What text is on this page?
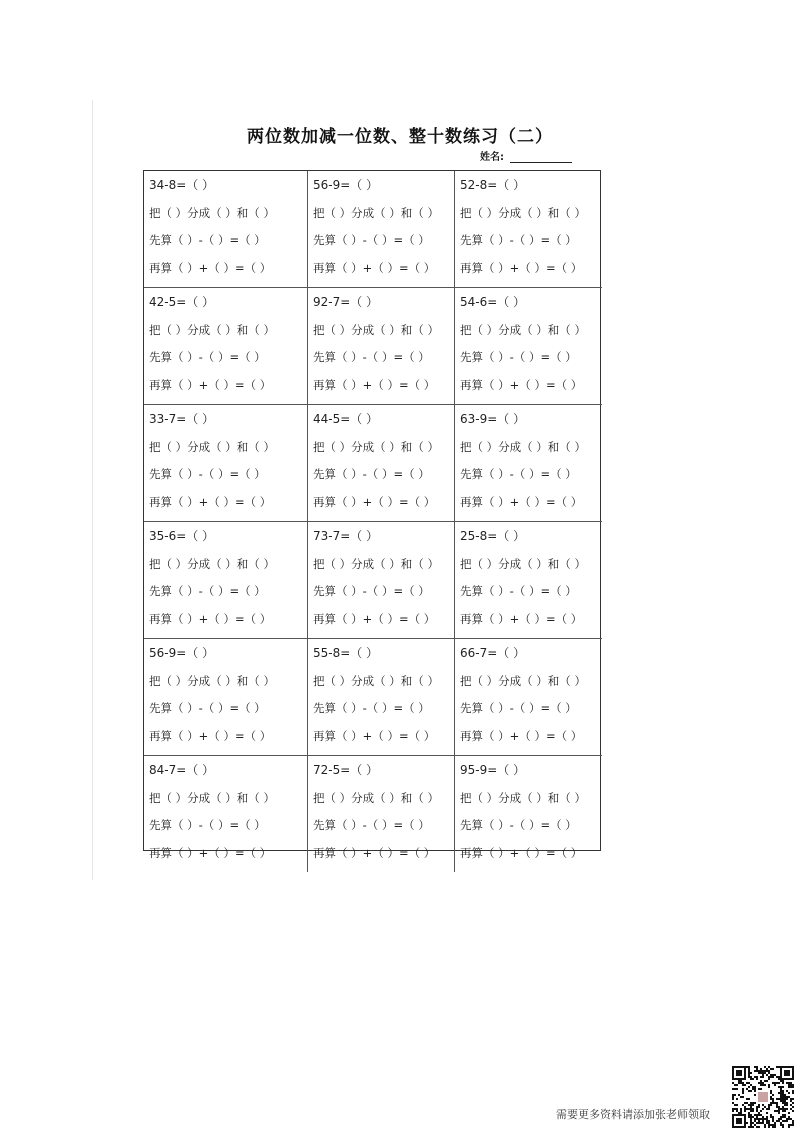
两位数加减一位数、整十数练习（二）
姓名:
34-8=（ ）
把（ ）分成（ ）和（ ）
先算（ ）-（ ）=（ ）
再算（ ）+（ ）=（ ）
56-9=（ ）
把（ ）分成（ ）和（ ）
先算（ ）-（ ）=（ ）
再算（ ）+（ ）=（ ）
52-8=（ ）
把（ ）分成（ ）和（ ）
先算（ ）-（ ）=（ ）
再算（ ）+（ ）=（ ）
42-5=（ ）
把（ ）分成（ ）和（ ）
先算（ ）-（ ）=（ ）
再算（ ）+（ ）=（ ）
92-7=（ ）
把（ ）分成（ ）和（ ）
先算（ ）-（ ）=（ ）
再算（ ）+（ ）=（ ）
54-6=（ ）
把（ ）分成（ ）和（ ）
先算（ ）-（ ）=（ ）
再算（ ）+（ ）=（ ）
33-7=（ ）
把（ ）分成（ ）和（ ）
先算（ ）-（ ）=（ ）
再算（ ）+（ ）=（ ）
44-5=（ ）
把（ ）分成（ ）和（ ）
先算（ ）-（ ）=（ ）
再算（ ）+（ ）=（ ）
63-9=（ ）
把（ ）分成（ ）和（ ）
先算（ ）-（ ）=（ ）
再算（ ）+（ ）=（ ）
35-6=（ ）
把（ ）分成（ ）和（ ）
先算（ ）-（ ）=（ ）
再算（ ）+（ ）=（ ）
73-7=（ ）
把（ ）分成（ ）和（ ）
先算（ ）-（ ）=（ ）
再算（ ）+（ ）=（ ）
25-8=（ ）
把（ ）分成（ ）和（ ）
先算（ ）-（ ）=（ ）
再算（ ）+（ ）=（ ）
56-9=（ ）
把（ ）分成（ ）和（ ）
先算（ ）-（ ）=（ ）
再算（ ）+（ ）=（ ）
55-8=（ ）
把（ ）分成（ ）和（ ）
先算（ ）-（ ）=（ ）
再算（ ）+（ ）=（ ）
66-7=（ ）
把（ ）分成（ ）和（ ）
先算（ ）-（ ）=（ ）
再算（ ）+（ ）=（ ）
84-7=（ ）
把（ ）分成（ ）和（ ）
先算（ ）-（ ）=（ ）
再算（ ）+（ ）=（ ）
72-5=（ ）
把（ ）分成（ ）和（ ）
先算（ ）-（ ）=（ ）
再算（ ）+（ ）=（ ）
95-9=（ ）
把（ ）分成（ ）和（ ）
先算（ ）-（ ）=（ ）
再算（ ）+（ ）=（ ）
需要更多资料请添加张老师领取
